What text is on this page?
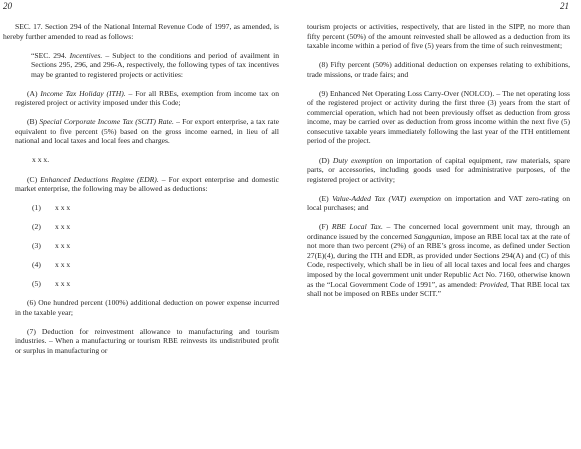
20	21

SEC. 17. Section 294 of the National Internal Revenue Code of 1997, as amended, is hereby further amended to read as follows:

“SEC. 294. Incentives. – Subject to the conditions and period of availment in Sections 295, 296, and 296-A, respectively, the following types of tax incentives may be granted to registered projects or activities:

(A) Income Tax Holiday (ITH). – For all RBEs, exemption from income tax on registered project or activity imposed under this Code;

(B) Special Corporate Income Tax (SCIT) Rate. – For export enterprise, a tax rate equivalent to five percent (5%) based on the gross income earned, in lieu of all national and local taxes and local fees and charges.

x x x.

(C) Enhanced Deductions Regime (EDR). – For export enterprise and domestic market enterprise, the following may be allowed as deductions:

(1) x x x

(2) x x x

(3) x x x

(4) x x x

(5) x x x

(6) One hundred percent (100%) additional deduction on power expense incurred in the taxable year;

(7) Deduction for reinvestment allowance to manufacturing and tourism industries. – When a manufacturing or tourism RBE reinvests its undistributed profit or surplus in manufacturing or

tourism projects or activities, respectively, that are listed in the SIPP, no more than fifty percent (50%) of the amount reinvested shall be allowed as a deduction from its taxable income within a period of five (5) years from the time of such reinvestment;

(8) Fifty percent (50%) additional deduction on expenses relating to exhibitions, trade missions, or trade fairs; and

(9) Enhanced Net Operating Loss Carry-Over (NOLCO). – The net operating loss of the registered project or activity during the first three (3) years from the start of commercial operation, which had not been previously offset as deduction from gross income, may be carried over as deduction from gross income within the next five (5) consecutive taxable years immediately following the last year of the ITH entitlement period of the project.

(D) Duty exemption on importation of capital equipment, raw materials, spare parts, or accessories, including goods used for administrative purposes, of the registered project or activity;

(E) Value-Added Tax (VAT) exemption on importation and VAT zero-rating on local purchases; and

(F) RBE Local Tax. – The concerned local government unit may, through an ordinance issued by the concerned Sanggunian, impose an RBE local tax at the rate of not more than two percent (2%) of an RBE’s gross income, as defined under Section 27(E)(4), during the ITH and EDR, as provided under Sections 294(A) and (C) of this Code, respectively, which shall be in lieu of all local taxes and local fees and charges imposed by the local government unit under Republic Act No. 7160, otherwise known as the “Local Government Code of 1991”, as amended: Provided, That RBE local tax shall not be imposed on RBEs under SCIT.”
